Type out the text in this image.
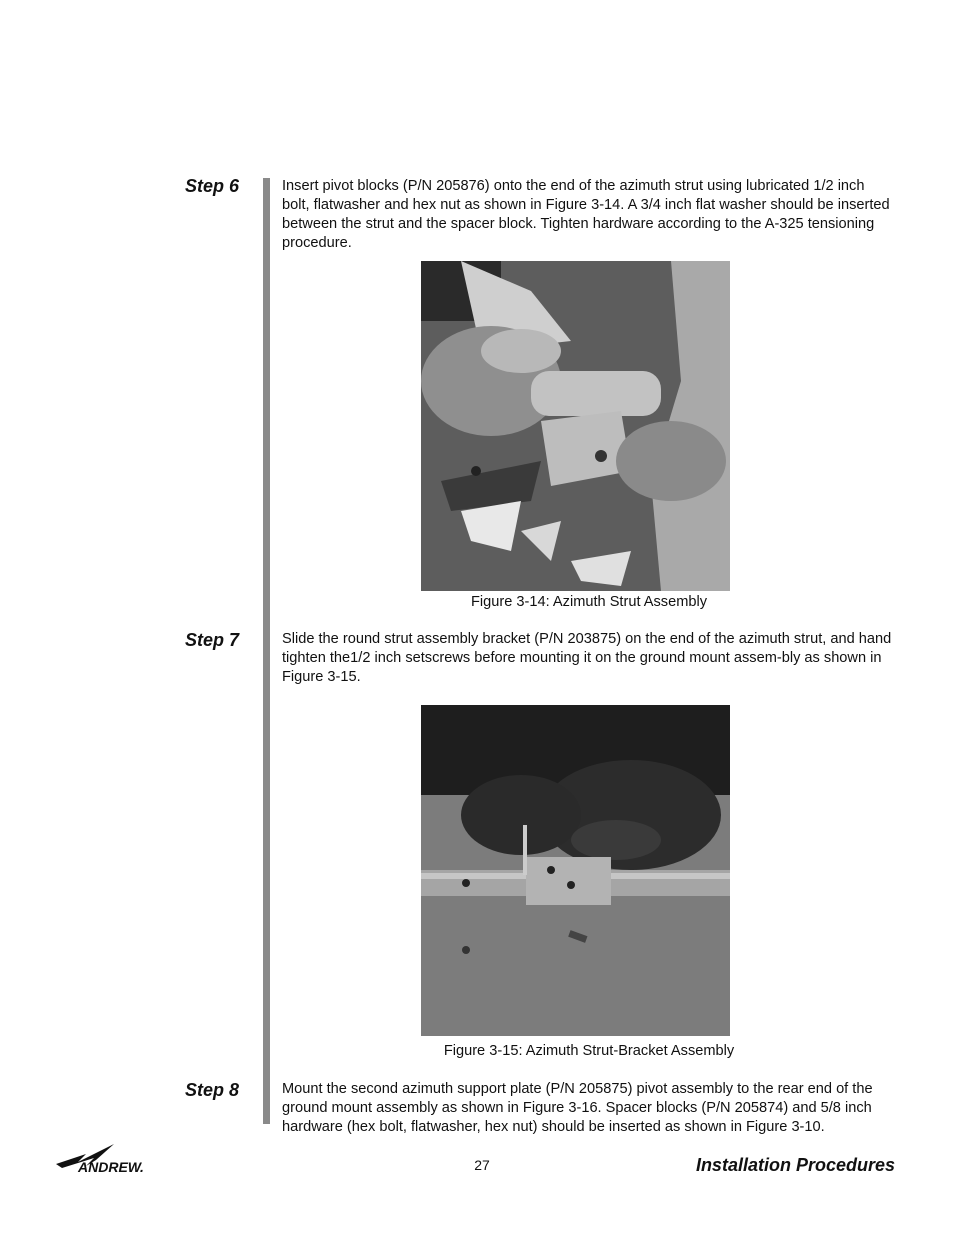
Step 6	Insert pivot blocks (P/N 205876) onto the end of the azimuth strut using lubricated 1/2 inch bolt, flatwasher and hex nut as shown in Figure 3-14. A 3/4 inch flat washer should be inserted between the strut and the spacer block. Tighten hardware according to the A-325 tensioning procedure.

Figure 3-14: Azimuth Strut Assembly
Step 7	Slide the round strut assembly bracket (P/N 203875) on the end of the azimuth strut, and hand tighten the1/2 inch setscrews before mounting it on the ground mount assem-bly as shown in Figure 3-15.

Figure 3-15: Azimuth Strut-Bracket Assembly
Step 8	Mount the second azimuth support plate (P/N 205875) pivot assembly to the rear end of the ground mount assembly as shown in Figure 3-16. Spacer blocks (P/N 205874) and 5/8 inch hardware (hex bolt, flatwasher, hex nut) should be inserted as shown in Figure 3-10.

ANDREW.	27	Installation Procedures
